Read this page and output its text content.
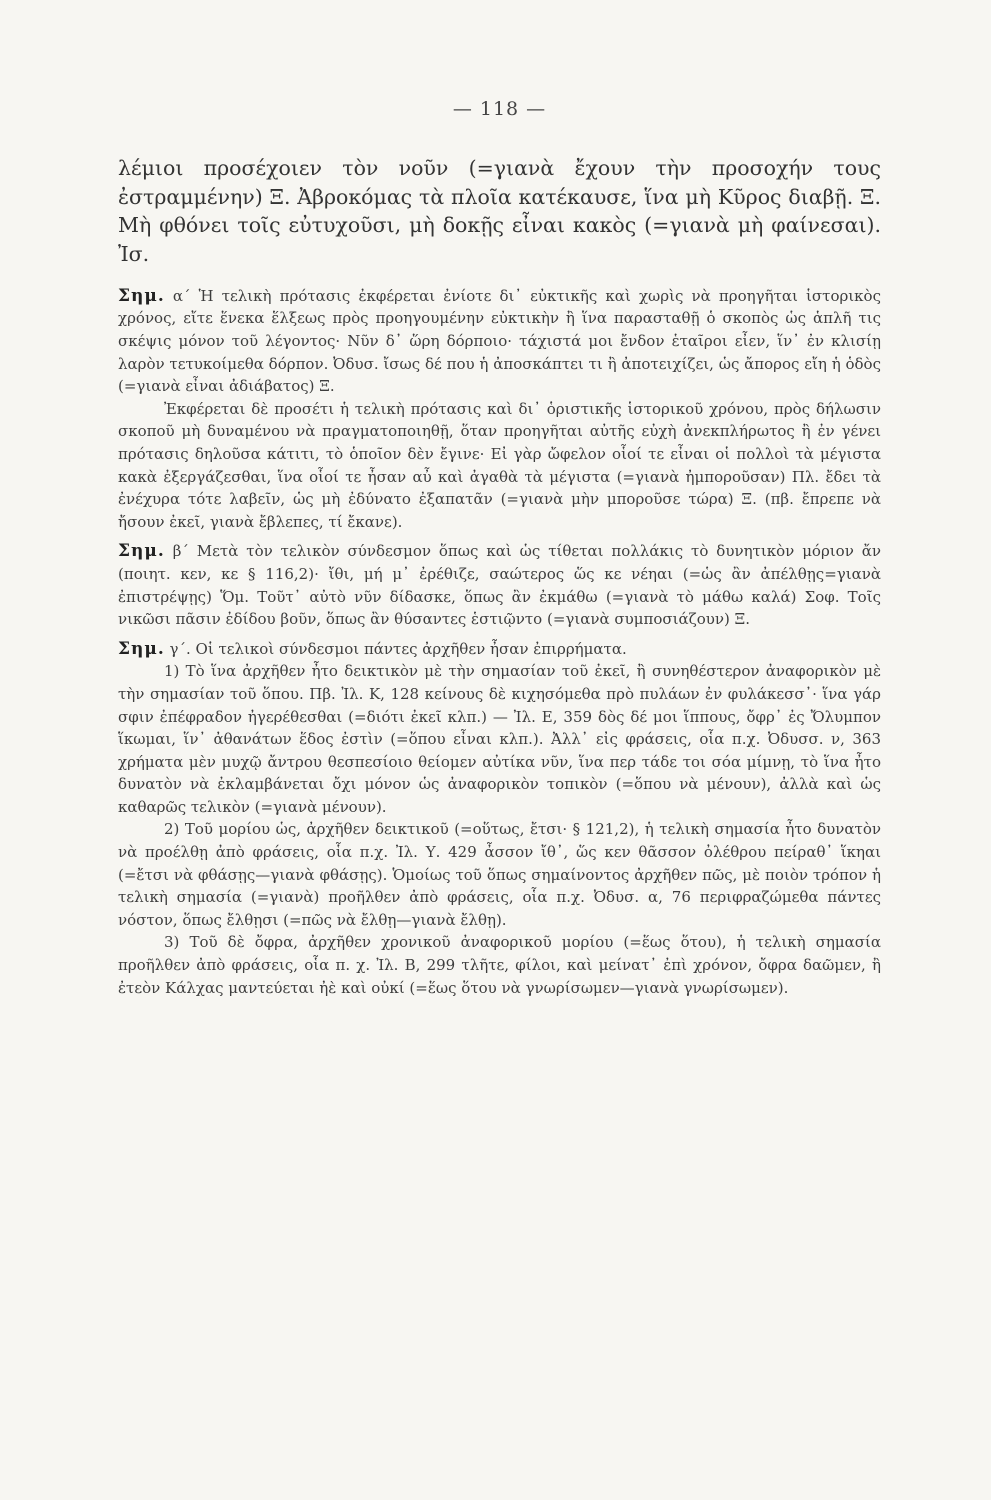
— 118 —

λέμιοι προσέχοιεν τὸν νοῦν (=γιανὰ ἔχουν τὴν προσοχήν τους ἐστραμμένην) Ξ. Ἀβροκόμας τὰ πλοῖα κατέκαυσε, ἵνα μὴ Κῦρος διαβῇ. Ξ. Μὴ φθόνει τοῖς εὐτυχοῦσι, μὴ δοκῇς εἶναι κακὸς (=γιανὰ μὴ φαίνεσαι). Ἰσ.

Σημ. α΄ Ἡ τελικὴ πρότασις ἐκφέρεται ἐνίοτε δι᾽ εὐκτικῆς καὶ χωρὶς νὰ προηγῆται ἱστορικὸς χρόνος, εἴτε ἕνεκα ἕλξεως πρὸς προηγουμένην εὐκτικὴν ἢ ἵνα παρασταθῇ ὁ σκοπὸς ὡς ἁπλῆ τις σκέψις μόνον τοῦ λέγοντος· Νῦν δ᾽ ὥρη δόρποιο· τάχιστά μοι ἔνδον ἑταῖροι εἶεν, ἵν᾽ ἐν κλισίῃ λαρὸν τετυκοίμεθα δόρπον. Ὀδυσ. ἴσως δέ που ἡ ἀποσκάπτει τι ἢ ἀποτειχίζει, ὡς ἄπορος εἴη ἡ ὁδὸς (=γιανὰ εἶναι ἀδιάβατος) Ξ.

Ἐκφέρεται δὲ προσέτι ἡ τελικὴ πρότασις καὶ δι᾽ ὁριστικῆς ἱστορικοῦ χρόνου, πρὸς δήλωσιν σκοποῦ μὴ δυναμένου νὰ πραγματοποιηθῇ, ὅταν προηγῆται αὐτῆς εὐχὴ ἀνεκπλήρωτος ἢ ἐν γένει πρότασις δηλοῦσα κάτιτι, τὸ ὁποῖον δὲν ἔγινε· Εἰ γὰρ ὤφελον οἷοί τε εἶναι οἱ πολλοὶ τὰ μέγιστα κακὰ ἐξεργάζεσθαι, ἵνα οἷοί τε ἦσαν αὖ καὶ ἀγαθὰ τὰ μέγιστα (=γιανὰ ἠμποροῦσαν) Πλ. ἔδει τὰ ἐνέχυρα τότε λαβεῖν, ὡς μὴ ἐδύνατο ἐξαπατᾶν (=γιανὰ μὴν μποροῦσε τώρα) Ξ. (πβ. ἔπρεπε νὰ ἤσουν ἐκεῖ, γιανὰ ἔβλεπες, τί ἔκανε).

Σημ. β΄ Μετὰ τὸν τελικὸν σύνδεσμον ὅπως καὶ ὡς τίθεται πολλάκις τὸ δυνητικὸν μόριον ἄν (ποιητ. κεν, κε § 116,2)· ἴθι, μή μ᾽ ἐρέθιζε, σαώτερος ὥς κε νέηαι (=ὡς ἂν ἀπέλθῃς=γιανὰ ἐπιστρέψῃς) Ὅμ. Τοῦτ᾽ αὐτὸ νῦν δίδασκε, ὅπως ἂν ἐκμάθω (=γιανὰ τὸ μάθω καλά) Σοφ. Τοῖς νικῶσι πᾶσιν ἐδίδου βοῦν, ὅπως ἂν θύσαντες ἑστιῷντο (=γιανὰ συμποσιάζουν) Ξ.

Σημ. γ΄. Οἱ τελικοὶ σύνδεσμοι πάντες ἀρχῆθεν ἦσαν ἐπιρρήματα.

1) Τὸ ἵνα ἀρχῆθεν ἦτο δεικτικὸν μὲ τὴν σημασίαν τοῦ ἐκεῖ, ἢ συνηθέστερον ἀναφορικὸν μὲ τὴν σημασίαν τοῦ ὅπου. Πβ. Ἰλ. Κ, 128 κείνους δὲ κιχησόμεθα πρὸ πυλάων ἐν φυλάκεσσ᾽· ἵνα γάρ σφιν ἐπέφραδον ἠγερέθεσθαι (=διότι ἐκεῖ κλπ.) — Ἰλ. Ε, 359 δὸς δέ μοι ἵππους, ὄφρ᾽ ἐς Ὄλυμπον ἵκωμαι, ἵν᾽ ἀθανάτων ἕδος ἐστὶν (=ὅπου εἶναι κλπ.). Ἀλλ᾽ εἰς φράσεις, οἷα π.χ. Ὀδυσσ. ν, 363 χρήματα μὲν μυχῷ ἄντρου θεσπεσίοιο θείομεν αὐτίκα νῦν, ἵνα περ τάδε τοι σόα μίμνῃ, τὸ ἵνα ἦτο δυνατὸν νὰ ἐκλαμβάνεται ὄχι μόνον ὡς ἀναφορικὸν τοπικὸν (=ὅπου νὰ μένουν), ἀλλὰ καὶ ὡς καθαρῶς τελικὸν (=γιανὰ μένουν).

2) Τοῦ μορίου ὡς, ἀρχῆθεν δεικτικοῦ (=οὕτως, ἔτσι· § 121,2), ἡ τελικὴ σημασία ἦτο δυνατὸν νὰ προέλθῃ ἀπὸ φράσεις, οἷα π.χ. Ἰλ. Υ. 429 ἆσσον ἴθ᾽, ὥς κεν θᾶσσον ὀλέθρου πείραθ᾽ ἵκηαι (=ἔτσι νὰ φθάσῃς—γιανὰ φθάσῃς). Ὁμοίως τοῦ ὅπως σημαίνοντος ἀρχῆθεν πῶς, μὲ ποιὸν τρόπον ἡ τελικὴ σημασία (=γιανὰ) προῆλθεν ἀπὸ φράσεις, οἷα π.χ. Ὀδυσ. α, 76 περιφραζώμεθα πάντες νόστον, ὅπως ἔλθῃσι (=πῶς νὰ ἔλθῃ—γιανὰ ἔλθῃ).

3) Τοῦ δὲ ὄφρα, ἀρχῆθεν χρονικοῦ ἀναφορικοῦ μορίου (=ἕως ὅτου), ἡ τελικὴ σημασία προῆλθεν ἀπὸ φράσεις, οἷα π. χ. Ἰλ. Β, 299 τλῆτε, φίλοι, καὶ μείνατ᾽ ἐπὶ χρόνον, ὄφρα δαῶμεν, ἢ ἐτεὸν Κάλχας μαντεύεται ἠὲ καὶ οὐκί (=ἕως ὅτου νὰ γνωρίσωμεν—γιανὰ γνωρίσωμεν).
